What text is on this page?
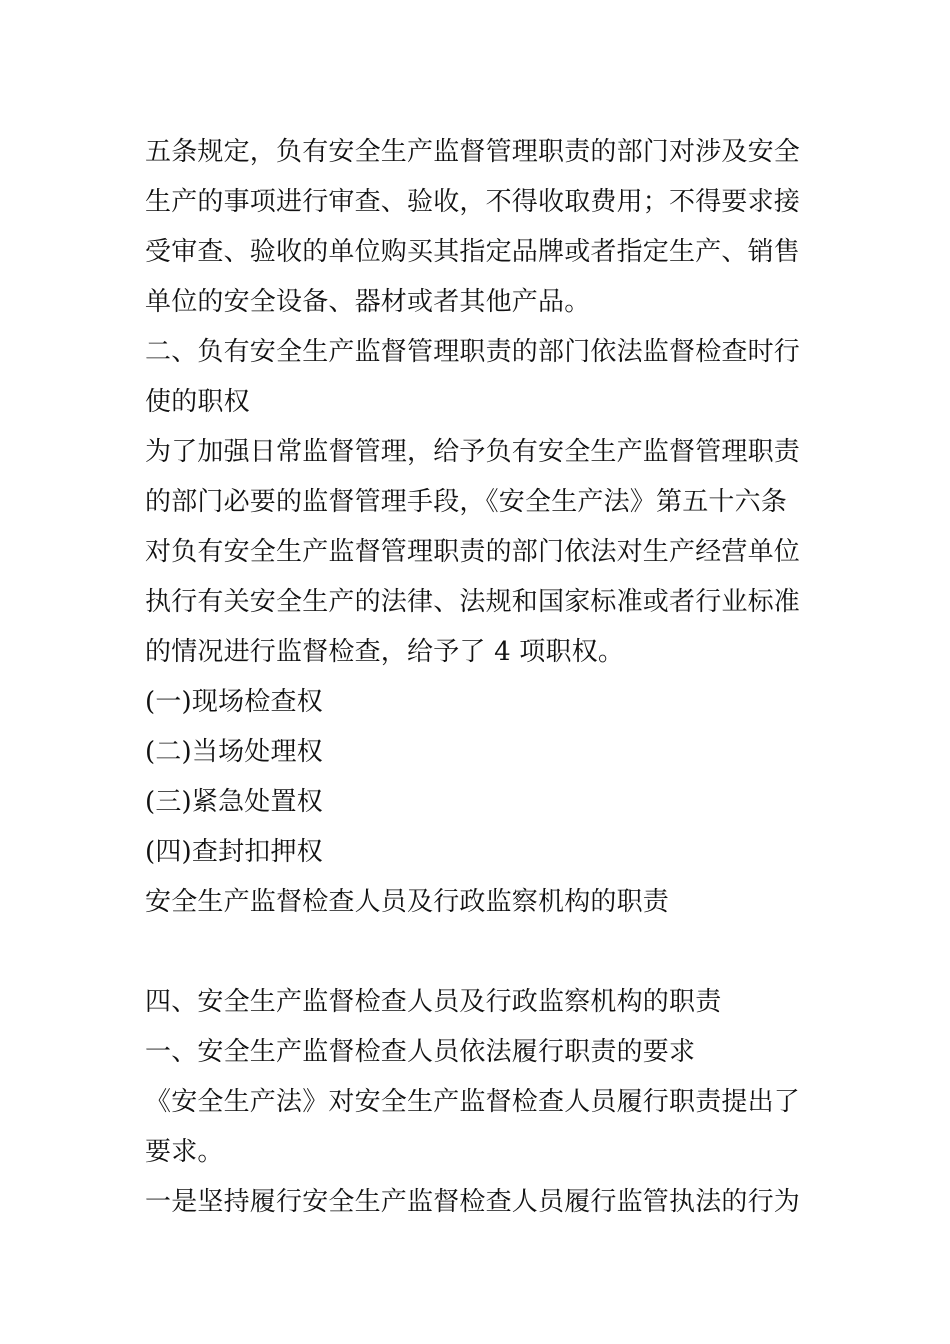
五条规定，负有安全生产监督管理职责的部门对涉及安全

生产的事项进行审查、验收，不得收取费用；不得要求接

受审查、验收的单位购买其指定品牌或者指定生产、销售

单位的安全设备、器材或者其他产品。

二、负有安全生产监督管理职责的部门依法监督检查时行

使的职权

为了加强日常监督管理，给予负有安全生产监督管理职责

的部门必要的监督管理手段，《安全生产法》第五十六条

对负有安全生产监督管理职责的部门依法对生产经营单位

执行有关安全生产的法律、法规和国家标准或者行业标准

的情况进行监督检查，给予了 4 项职权。

(一)现场检查权

(二)当场处理权

(三)紧急处置权

(四)查封扣押权

安全生产监督检查人员及行政监察机构的职责

四、安全生产监督检查人员及行政监察机构的职责

一、安全生产监督检查人员依法履行职责的要求

《安全生产法》对安全生产监督检查人员履行职责提出了

要求。

一是坚持履行安全生产监督检查人员履行监管执法的行为
